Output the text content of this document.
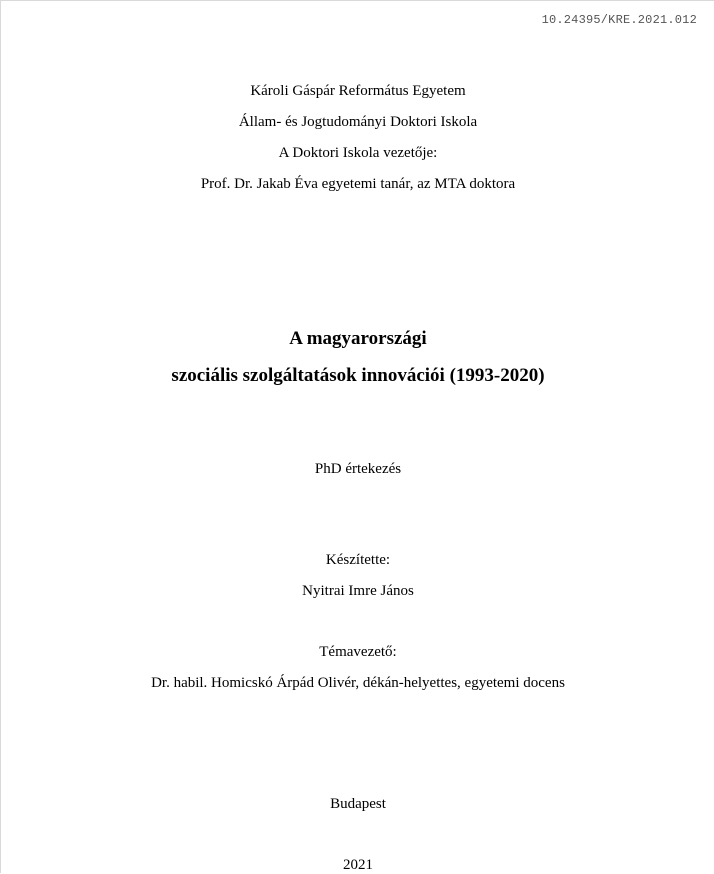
10.24395/KRE.2021.012
Károli Gáspár Református Egyetem
Állam- és Jogtudományi Doktori Iskola
A Doktori Iskola vezetője:
Prof. Dr. Jakab Éva egyetemi tanár, az MTA doktora
A magyarországi
szociális szolgáltatások innovációi (1993-2020)
PhD értekezés
Készítette:
Nyitrai Imre János
Témavezető:
Dr. habil. Homicskó Árpád Olivér, dékán-helyettes, egyetemi docens
Budapest
2021
